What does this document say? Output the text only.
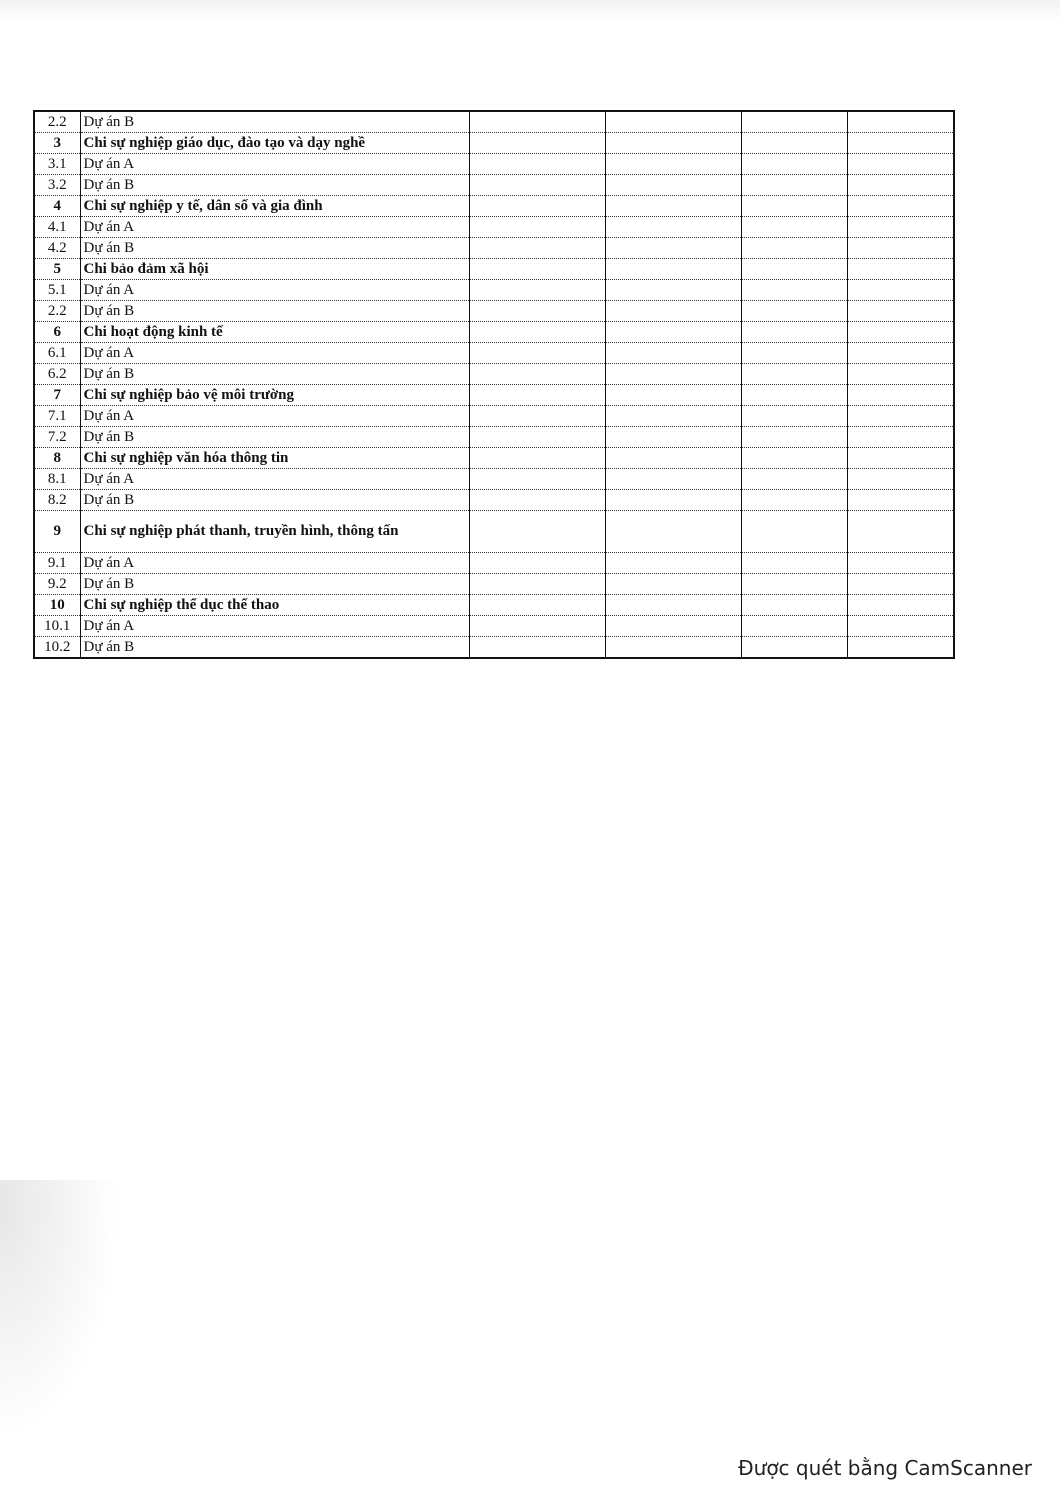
2.2	Dự án B				
3	Chi sự nghiệp giáo dục, đào tạo và dạy nghề				
3.1	Dự án A				
3.2	Dự án B				
4	Chi sự nghiệp y tế, dân số và gia đình				
4.1	Dự án A				
4.2	Dự án B				
5	Chi bảo đảm xã hội				
5.1	Dự án A				
2.2	Dự án B				
6	Chi hoạt động kinh tế				
6.1	Dự án A				
6.2	Dự án B				
7	Chi sự nghiệp bảo vệ môi trường				
7.1	Dự án A				
7.2	Dự án B				
8	Chi sự nghiệp văn hóa thông tin				
8.1	Dự án A				
8.2	Dự án B				
9	Chi sự nghiệp phát thanh, truyền hình, thông tấn				
9.1	Dự án A				
9.2	Dự án B				
10	Chi sự nghiệp thể dục thể thao				
10.1	Dự án A				
10.2	Dự án B				
Được quét bằng CamScanner
